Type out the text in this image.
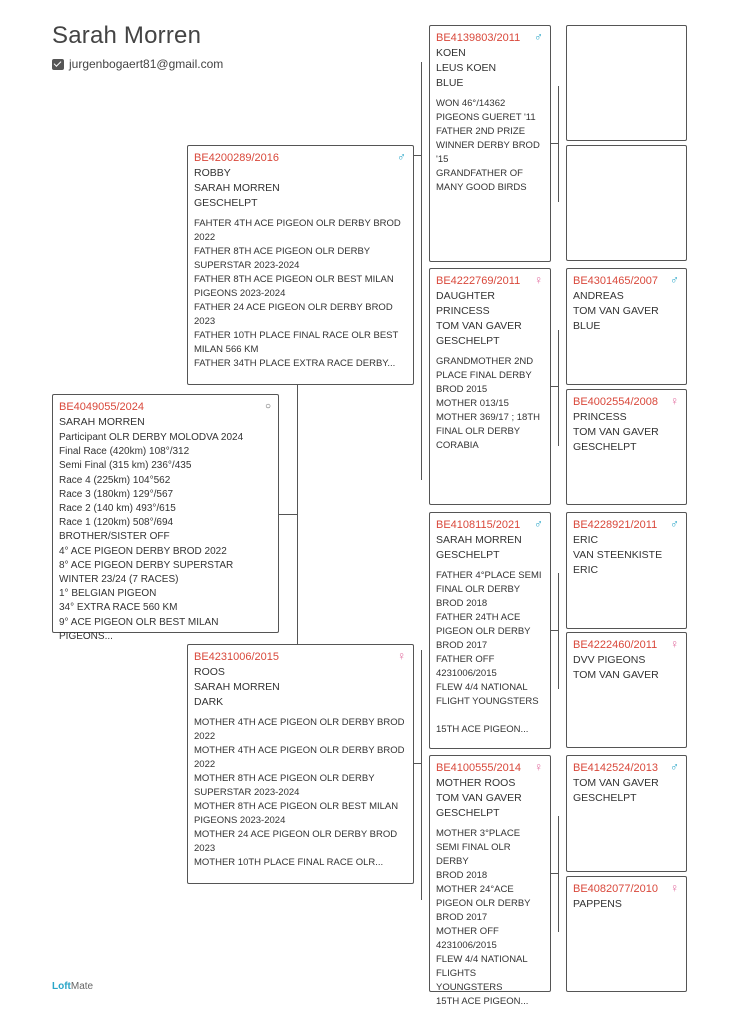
Sarah Morren
jurgenbogaert81@gmail.com
BE4049055/2024	○
SARAH MORREN
Participant OLR DERBY MOLODVA 2024
Final Race (420km) 108°/312
Semi Final (315 km) 236°/435
Race 4 (225km) 104°562
Race 3 (180km) 129°/567
Race 2 (140 km) 493°/615
Race 1 (120km) 508°/694
BROTHER/SISTER OFF
4° ACE PIGEON DERBY BROD 2022
8° ACE PIGEON DERBY SUPERSTAR WINTER 23/24 (7 RACES)
1° BELGIAN PIGEON
34° EXTRA RACE 560 KM
9° ACE PIGEON OLR BEST MILAN PIGEONS...
BE4200289/2016	♂
ROBBY
SARAH MORREN
GESCHELPT
FAHTER 4TH ACE PIGEON OLR DERBY BROD 2022
FATHER 8TH ACE PIGEON OLR DERBY SUPERSTAR 2023-2024
FATHER 8TH ACE PIGEON OLR BEST MILAN PIGEONS 2023-2024
FATHER 24 ACE PIGEON OLR DERBY BROD 2023
FATHER 10TH PLACE FINAL RACE OLR BEST MILAN 566 KM
FATHER 34TH PLACE EXTRA RACE DERBY...
BE4231006/2015	♀
ROOS
SARAH MORREN
DARK
MOTHER 4TH ACE PIGEON OLR DERBY BROD 2022
MOTHER 4TH ACE PIGEON OLR DERBY BROD 2022
MOTHER 8TH ACE PIGEON OLR DERBY SUPERSTAR 2023-2024
MOTHER 8TH ACE PIGEON OLR BEST MILAN PIGEONS 2023-2024
MOTHER 24 ACE PIGEON OLR DERBY BROD 2023
MOTHER 10TH PLACE FINAL RACE OLR...
BE4139803/2011	♂
KOEN
LEUS KOEN
BLUE
WON 46°/14362
PIGEONS GUERET '11
FATHER 2ND PRIZE
WINNER DERBY BROD
'15
GRANDFATHER OF
MANY GOOD BIRDS
BE4222769/2011	♀
DAUGHTER PRINCESS
TOM VAN GAVER
GESCHELPT
GRANDMOTHER 2ND
PLACE FINAL DERBY
BROD 2015
MOTHER 013/15
MOTHER 369/17 ; 18TH
FINAL OLR DERBY
CORABIA
BE4108115/2021	♂
SARAH MORREN
GESCHELPT
FATHER 4°PLACE SEMI
FINAL OLR DERBY
BROD 2018
FATHER 24TH ACE
PIGEON OLR DERBY
BROD 2017
FATHER OFF
4231006/2015
FLEW 4/4 NATIONAL
FLIGHT YOUNGSTERS

15TH ACE PIGEON...
BE4100555/2014	♀
MOTHER ROOS
TOM VAN GAVER
GESCHELPT
MOTHER 3°PLACE
SEMI FINAL OLR DERBY
BROD 2018
MOTHER 24°ACE
PIGEON OLR DERBY
BROD 2017
MOTHER OFF
4231006/2015
FLEW 4/4 NATIONAL
FLIGHTS YOUNGSTERS
15TH ACE PIGEON...
BE4301465/2007 ♂
ANDREAS
TOM VAN GAVER
BLUE
BE4002554/2008 ♀
PRINCESS
TOM VAN GAVER
GESCHELPT
BE4228921/2011	♂
ERIC
VAN STEENKISTE ERIC
BE4222460/2011	♀
DVV PIGEONS
TOM VAN GAVER
BE4142524/2013 ♂
TOM VAN GAVER
GESCHELPT
BE4082077/2010 ♀
PAPPENS
LoftMate
